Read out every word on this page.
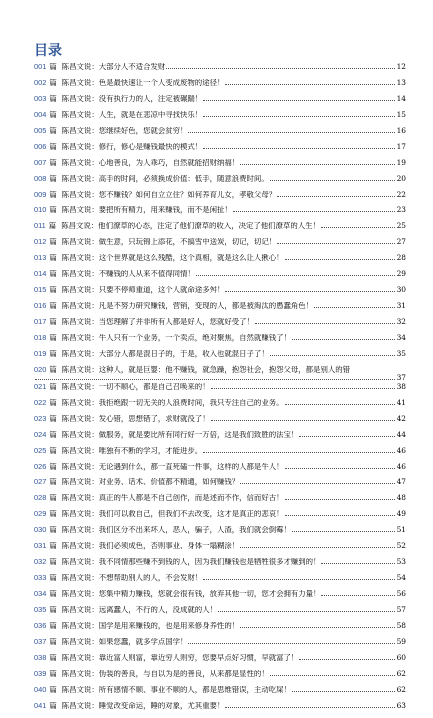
目录
001 篇 陈昌文说： 大部分人不适合发财	12
002 篇 陈昌文说： 色是最快速让一个人变成废物的途径！	13
003 篇 陈昌文说： 没有执行力的人，注定被碾踹！	14
004 篇 陈昌文说： 人生，就是在悲凉中寻找快乐！	15
005 篇 陈昌文说： 您继续好色，您就会贫穷！	16
006 篇 陈昌文说： 修行，修心是赚钱最快的模式！	17
007 篇 陈昌文说： 心地善良，为人乖巧，自然就能招财纳福！	19
008 篇 陈昌文说： 高手的时间，必须换成价值：低手，随意浪费时间。	20
009 篇 陈昌文说： 您不赚钱？如何自立立住？如何养育儿女，孝敬父母？	22
010 篇 陈昌文说： 要把所有精力，用来赚钱，而不是闲扯！	23
011 篇 陈昌文说： 他们潦草的心态，注定了他们潦草的收入，决定了他们潦草的人生！	25
012 篇 陈昌文说： 做生意，只玩锦上添花，不搞雪中送炭，切记，切记！	27
013 篇 陈昌文说： 这个世界就是这么残酷，这个真相，就是这么让人揪心！	28
014 篇 陈昌文说： 不赚钱的人从来不值得同情！	29
015 篇 陈昌文说： 只要不停师重道，这个人就命途多舛！	30
016 篇 陈昌文说： 凡是不努力研究赚钱，营销，变现的人，都是被淘汰的愚蠢角色！	31
017 篇 陈昌文说： 当您理解了并非所有人都是好人，您就好受了！	32
018 篇 陈昌文说： 牛人只有一个业务，一个卖点，绝对聚焦，自然就赚钱了！	34
019 篇 陈昌文说： 大部分人都是混日子的，于是，收入也就混日子了！	35
020 篇 陈昌文说：这种人，就是巨婴：他不赚钱，就急躁，抱怨社会，抱怨父母，都是别人的错
37
021 篇 陈昌文说： 一切不顺心，都是自己召唤来的！	38
022 篇 陈昌文说： 我拒绝跟一切无关的人浪费时间，我只专注自己的业务。	41
023 篇 陈昌文说： 发心错，思想错了，求财就没了！	42
024 篇 陈昌文说： 做服务，就是要比所有同行好一万倍，这是我们致胜的法宝！	44
025 篇 陈昌文说： 唯独有不断的学习，才能进步。	46
026 篇 陈昌文说： 无论遇到什么，都一直死磕一件事，这样的人都是牛人！	46
027 篇 陈昌文说： 对业务、话术、价值都不精通，如何赚钱？	47
028 篇 陈昌文说： 真正的牛人都是不自己创作，而是述而不作，信而好古！	48
029 篇 陈昌文说： 我们可以救自己，但我们不去改变，这才是真正的悲哀！	49
030 篇 陈昌文说： 我们区分不出来坏人，恶人，骗子，人渣，我们就会倒霉！	51
031 篇 陈昌文说： 我们必须成色，否则事业、身体一塌糊涂！	52
032 篇 陈昌文说： 我不同情那些赚不到钱的人，因为我们赚钱也是牺牲很多才赚到的！	53
033 篇 陈昌文说： 不想帮助别人的人，不会发财！	54
034 篇 陈昌文说： 您集中精力赚钱，您就会很有钱，放弃其他一切，您才会拥有力量！	56
035 篇 陈昌文说： 远离蠢人，不行的人，没成就的人！	57
036 篇 陈昌文说： 国学是用来赚钱的，也是用来修身养性的！	58
037 篇 陈昌文说： 如果您蠢，就多学点国学！	59
038 篇 陈昌文说： 靠近富人则富，靠近穷人则穷，您要早点好习惯，早就富了！	60
039 篇 陈昌文说： 伪装的善良，与自以为是的善良，从来都是显性的！	62
040 篇 陈昌文说： 所有感情不顺、事业不顺的人，都是思维错误，主动吃屎！	62
041 篇 陈昌文说： 睡觉改变命运，睡的对象，尤其重要！	63
